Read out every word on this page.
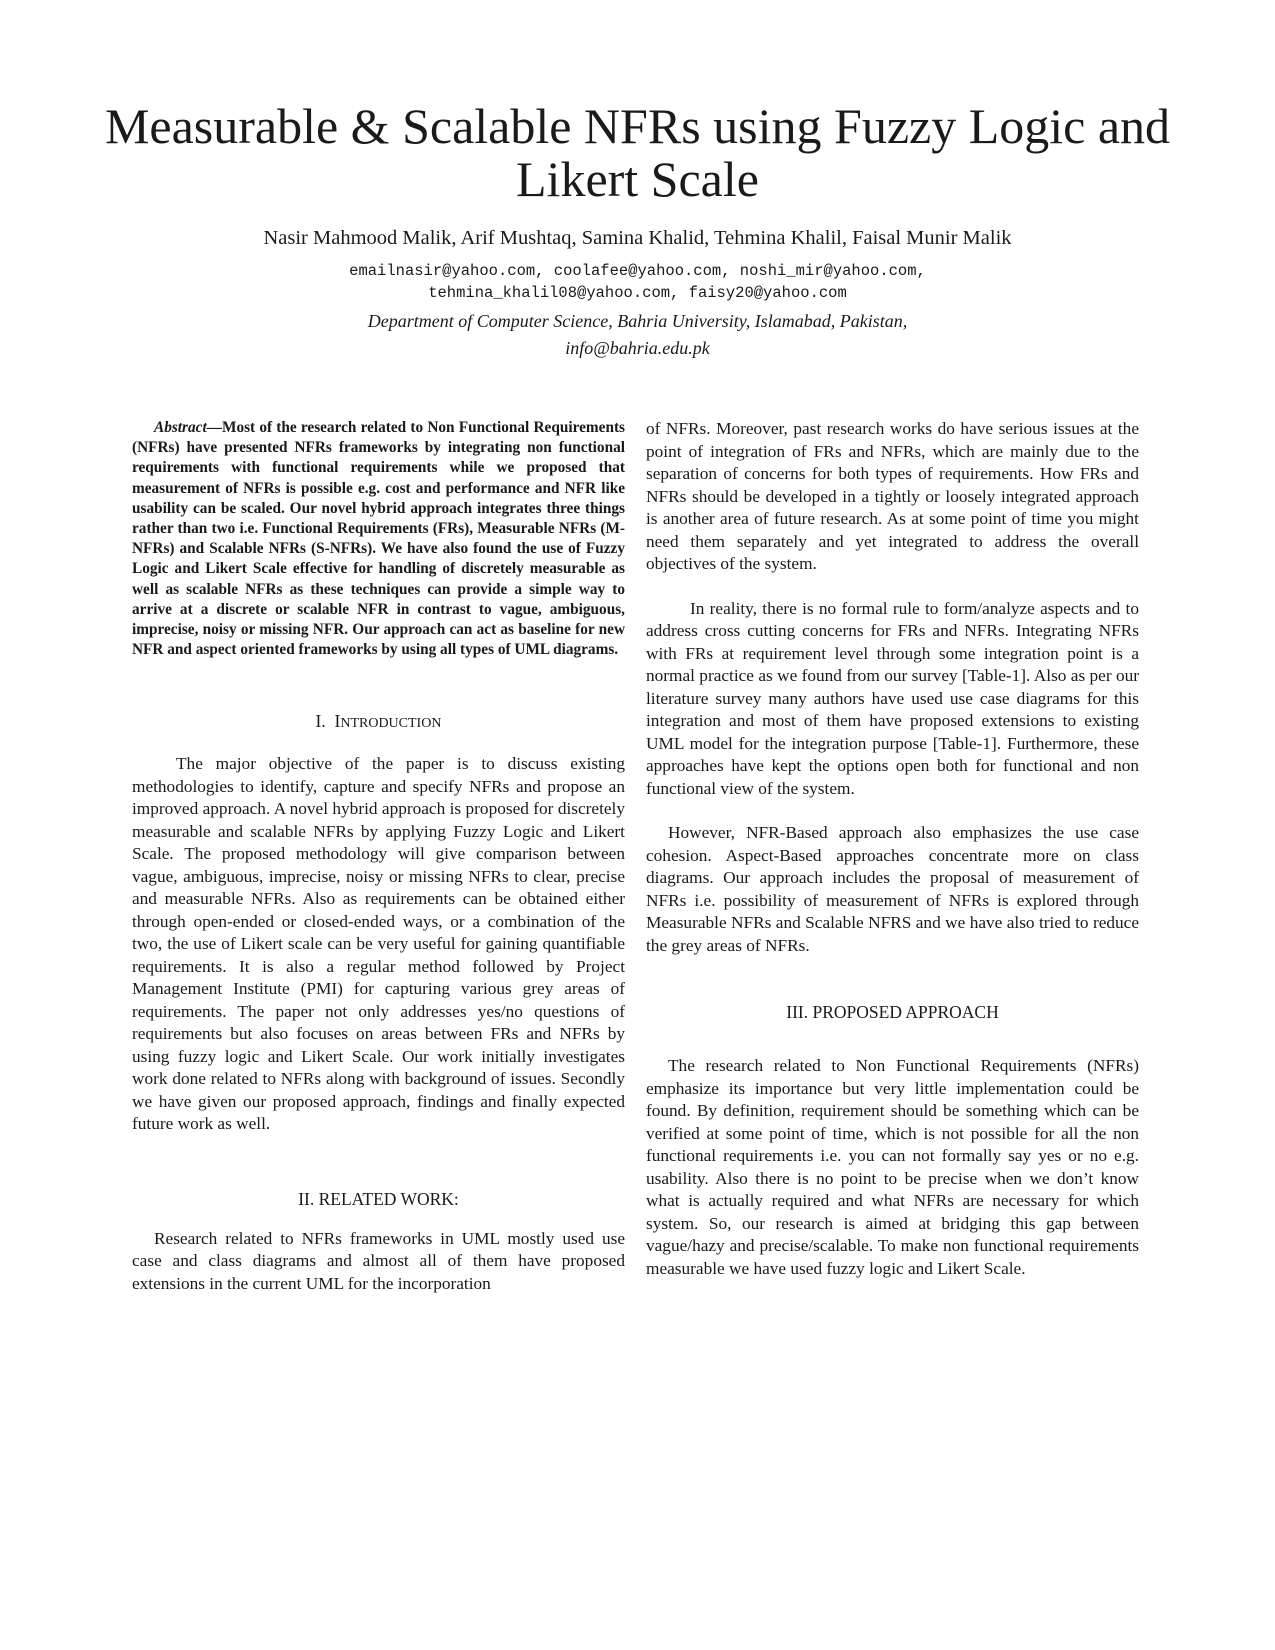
Measurable & Scalable NFRs using Fuzzy Logic and Likert Scale

Nasir Mahmood Malik, Arif Mushtaq, Samina Khalid, Tehmina Khalil, Faisal Munir Malik

emailnasir@yahoo.com, coolafee@yahoo.com, noshi_mir@yahoo.com,
tehmina_khalil08@yahoo.com, faisy20@yahoo.com

Department of Computer Science, Bahria University, Islamabad, Pakistan,
info@bahria.edu.pk

Abstract—Most of the research related to Non Functional Requirements (NFRs) have presented NFRs frameworks by integrating non functional requirements with functional requirements while we proposed that measurement of NFRs is possible e.g. cost and performance and NFR like usability can be scaled. Our novel hybrid approach integrates three things rather than two i.e. Functional Requirements (FRs), Measurable NFRs (M-NFRs) and Scalable NFRs (S-NFRs). We have also found the use of Fuzzy Logic and Likert Scale effective for handling of discretely measurable as well as scalable NFRs as these techniques can provide a simple way to arrive at a discrete or scalable NFR in contrast to vague, ambiguous, imprecise, noisy or missing NFR. Our approach can act as baseline for new NFR and aspect oriented frameworks by using all types of UML diagrams.

I. INTRODUCTION

The major objective of the paper is to discuss existing methodologies to identify, capture and specify NFRs and propose an improved approach. A novel hybrid approach is proposed for discretely measurable and scalable NFRs by applying Fuzzy Logic and Likert Scale. The proposed methodology will give comparison between vague, ambiguous, imprecise, noisy or missing NFRs to clear, precise and measurable NFRs. Also as requirements can be obtained either through open-ended or closed-ended ways, or a combination of the two, the use of Likert scale can be very useful for gaining quantifiable requirements. It is also a regular method followed by Project Management Institute (PMI) for capturing various grey areas of requirements. The paper not only addresses yes/no questions of requirements but also focuses on areas between FRs and NFRs by using fuzzy logic and Likert Scale. Our work initially investigates work done related to NFRs along with background of issues. Secondly we have given our proposed approach, findings and finally expected future work as well.

II. RELATED WORK:

Research related to NFRs frameworks in UML mostly used use case and class diagrams and almost all of them have proposed extensions in the current UML for the incorporation

of NFRs. Moreover, past research works do have serious issues at the point of integration of FRs and NFRs, which are mainly due to the separation of concerns for both types of requirements. How FRs and NFRs should be developed in a tightly or loosely integrated approach is another area of future research. As at some point of time you might need them separately and yet integrated to address the overall objectives of the system.

In reality, there is no formal rule to form/analyze aspects and to address cross cutting concerns for FRs and NFRs. Integrating NFRs with FRs at requirement level through some integration point is a normal practice as we found from our survey [Table-1]. Also as per our literature survey many authors have used use case diagrams for this integration and most of them have proposed extensions to existing UML model for the integration purpose [Table-1]. Furthermore, these approaches have kept the options open both for functional and non functional view of the system.

However, NFR-Based approach also emphasizes the use case cohesion. Aspect-Based approaches concentrate more on class diagrams. Our approach includes the proposal of measurement of NFRs i.e. possibility of measurement of NFRs is explored through Measurable NFRs and Scalable NFRS and we have also tried to reduce the grey areas of NFRs.

III. PROPOSED APPROACH

The research related to Non Functional Requirements (NFRs) emphasize its importance but very little implementation could be found. By definition, requirement should be something which can be verified at some point of time, which is not possible for all the non functional requirements i.e. you can not formally say yes or no e.g. usability. Also there is no point to be precise when we don’t know what is actually required and what NFRs are necessary for which system. So, our research is aimed at bridging this gap between vague/hazy and precise/scalable. To make non functional requirements measurable we have used fuzzy logic and Likert Scale.
